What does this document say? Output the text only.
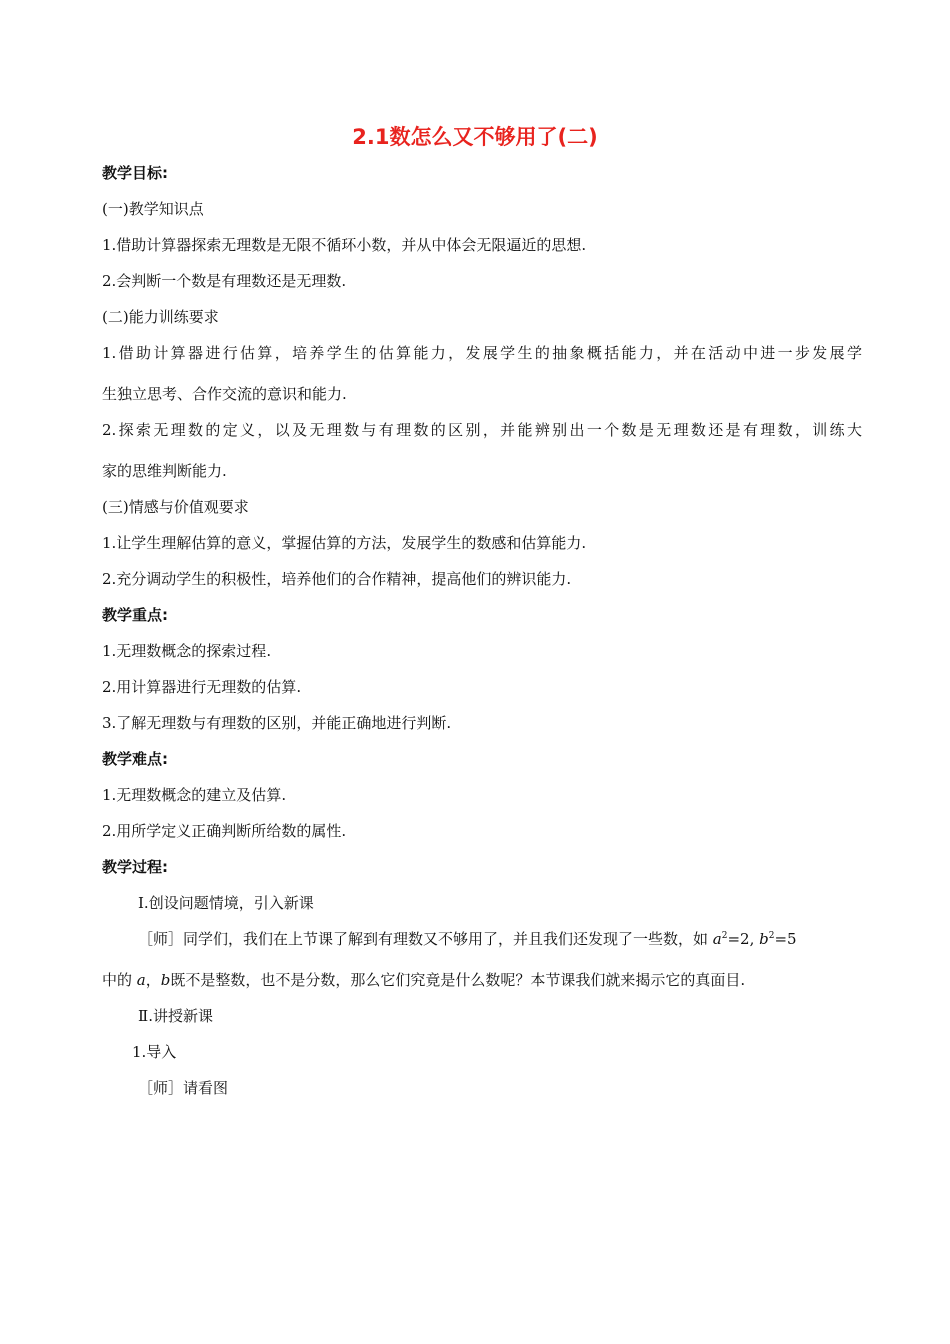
2.1数怎么又不够用了(二)
教学目标:
(一)教学知识点
1.借助计算器探索无理数是无限不循环小数，并从中体会无限逼近的思想.
2.会判断一个数是有理数还是无理数.
(二)能力训练要求
1.借助计算器进行估算，培养学生的估算能力，发展学生的抽象概括能力，并在活动中进一步发展学
生独立思考、合作交流的意识和能力.
2.探索无理数的定义，以及无理数与有理数的区别，并能辨别出一个数是无理数还是有理数，训练大
家的思维判断能力.
(三)情感与价值观要求
1.让学生理解估算的意义，掌握估算的方法，发展学生的数感和估算能力.
2.充分调动学生的积极性，培养他们的合作精神，提高他们的辨识能力.
教学重点:
1.无理数概念的探索过程.
2.用计算器进行无理数的估算.
3.了解无理数与有理数的区别，并能正确地进行判断.
教学难点:
1.无理数概念的建立及估算.
2.用所学定义正确判断所给数的属性.
教学过程:
Ⅰ.创设问题情境，引入新课
［师］同学们，我们在上节课了解到有理数又不够用了，并且我们还发现了一些数，如 $a^2=2$, $b^2=5$
中的 a，b既不是整数，也不是分数，那么它们究竟是什么数呢？本节课我们就来揭示它的真面目.
Ⅱ.讲授新课
1.导入
［师］请看图
